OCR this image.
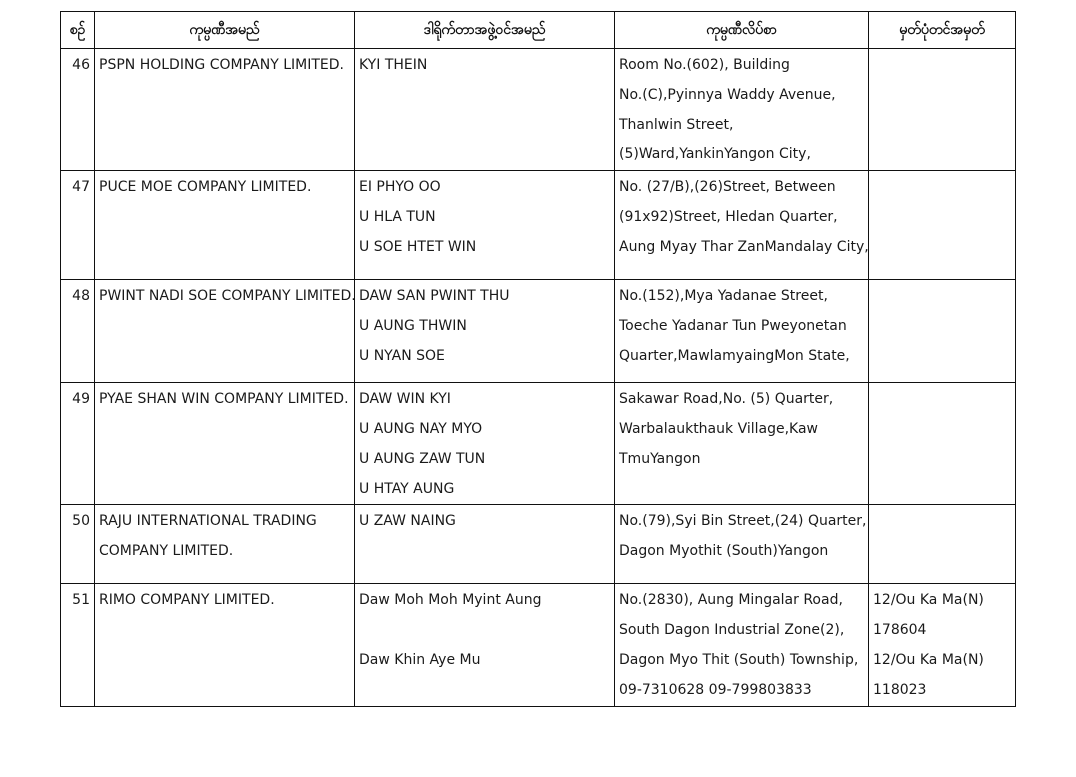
စဉ်	ကုမ္ပဏီအမည်	ဒါရိုက်တာအဖွဲ့ဝင်အမည်	ကုမ္ပဏီလိပ်စာ	မှတ်ပုံတင်အမှတ်
46	PSPN HOLDING COMPANY LIMITED.	KYI THEIN	Room No.(602), Building
No.(C),Pyinnya Waddy Avenue,
Thanlwin Street,
(5)Ward,YankinYangon City,	

47	PUCE MOE COMPANY LIMITED.	EI PHYO OO
U HLA TUN
U SOE HTET WIN	No. (27/B),(26)Street, Between
(91x92)Street, Hledan Quarter,
Aung Myay Thar ZanMandalay City,	

48	PWINT NADI SOE COMPANY LIMITED.	DAW SAN PWINT THU
U AUNG THWIN
U NYAN SOE	No.(152),Mya Yadanae Street,
Toeche Yadanar Tun Pweyonetan
Quarter,MawlamyaingMon State,	

49	PYAE SHAN WIN COMPANY LIMITED.	DAW WIN KYI
U AUNG NAY MYO
U AUNG ZAW TUN
U HTAY AUNG	Sakawar Road,No. (5) Quarter,
Warbalaukthauk Village,Kaw
TmuYangon	

50	RAJU INTERNATIONAL TRADING
COMPANY LIMITED.	U ZAW NAING	No.(79),Syi Bin Street,(24) Quarter,
Dagon Myothit (South)Yangon	

51	RIMO COMPANY LIMITED.	Daw Moh Moh Myint Aung
Daw Khin Aye Mu	No.(2830), Aung Mingalar Road,
South Dagon Industrial Zone(2),
Dagon Myo Thit (South) Township,
09-7310628 09-799803833	12/Ou Ka Ma(N)
178604
12/Ou Ka Ma(N)
118023
